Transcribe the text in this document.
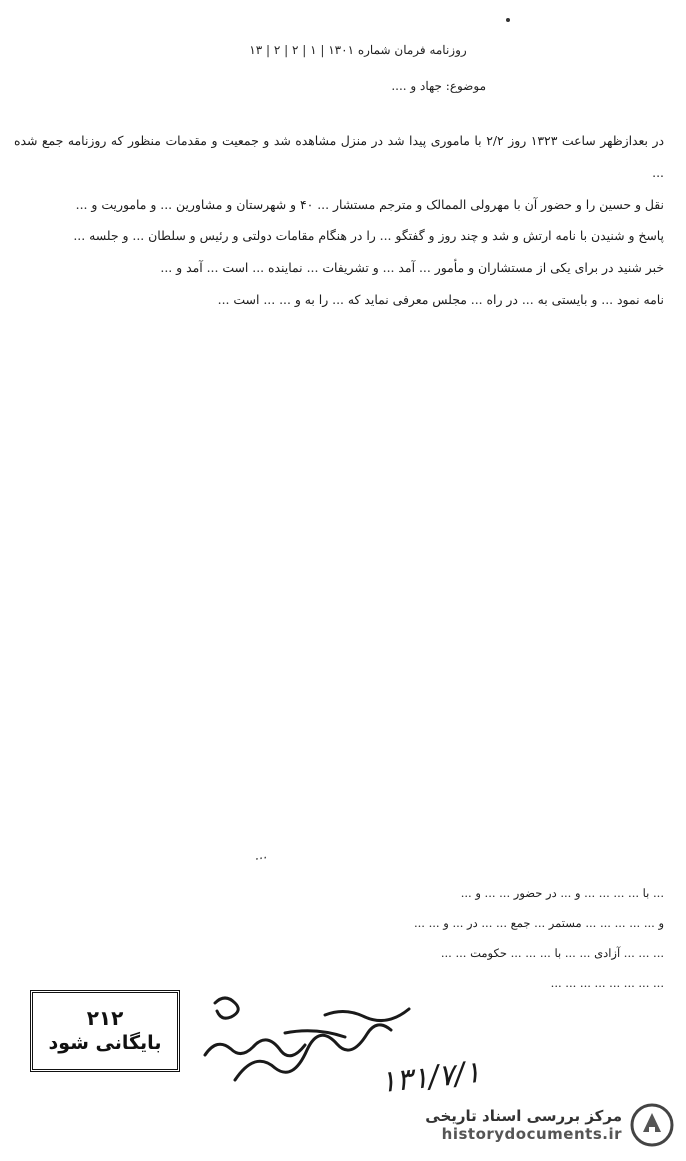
روزنامه فرمان شماره ۱۳۰۱ | ۱ | ۲ | ۲ | ۱۳
موضوع: جهاد و ....

در بعدازظهر ساعت ۱۳۲۳ روز ۲/۲ با ماموری پیدا شد در منزل مشاهده شد و جمعیت و مقدمات منظور که روزنامه جمع شده ...

نقل و حسین را و حضور آن با مهرولی الممالک و مترجم مستشار ... ۴۰ و شهرستان و مشاورین ... و ماموریت و ...

پاسخ و شنیدن با نامه ارتش و شد و چند روز و گفتگو ... را در هنگام مقامات دولتی و رئیس و سلطان ... و جلسه ...

خبر شنید در برای یکی از مستشاران و مأمور ... آمد ... و تشریفات ... نماینده ... است ... آمد و ...

نامه نمود ... و بایستی به ... در راه ... مجلس معرفی نماید که ... را به و ... ... است ...

...

... با ... ... ... ... و ... در حضور ... ... و ...

و ... ... ... ... ... مستمر ... جمع ... ... در ... و ... ...

... ... ... آزادی ... ... با ... ... ... حکومت ... ...

... ... ... ... ... ... ... ...

۲۱۲
بایگانی شود
۱۳۱/۷/۱
مرکز بررسی اسناد تاریخی
historydocuments.ir
